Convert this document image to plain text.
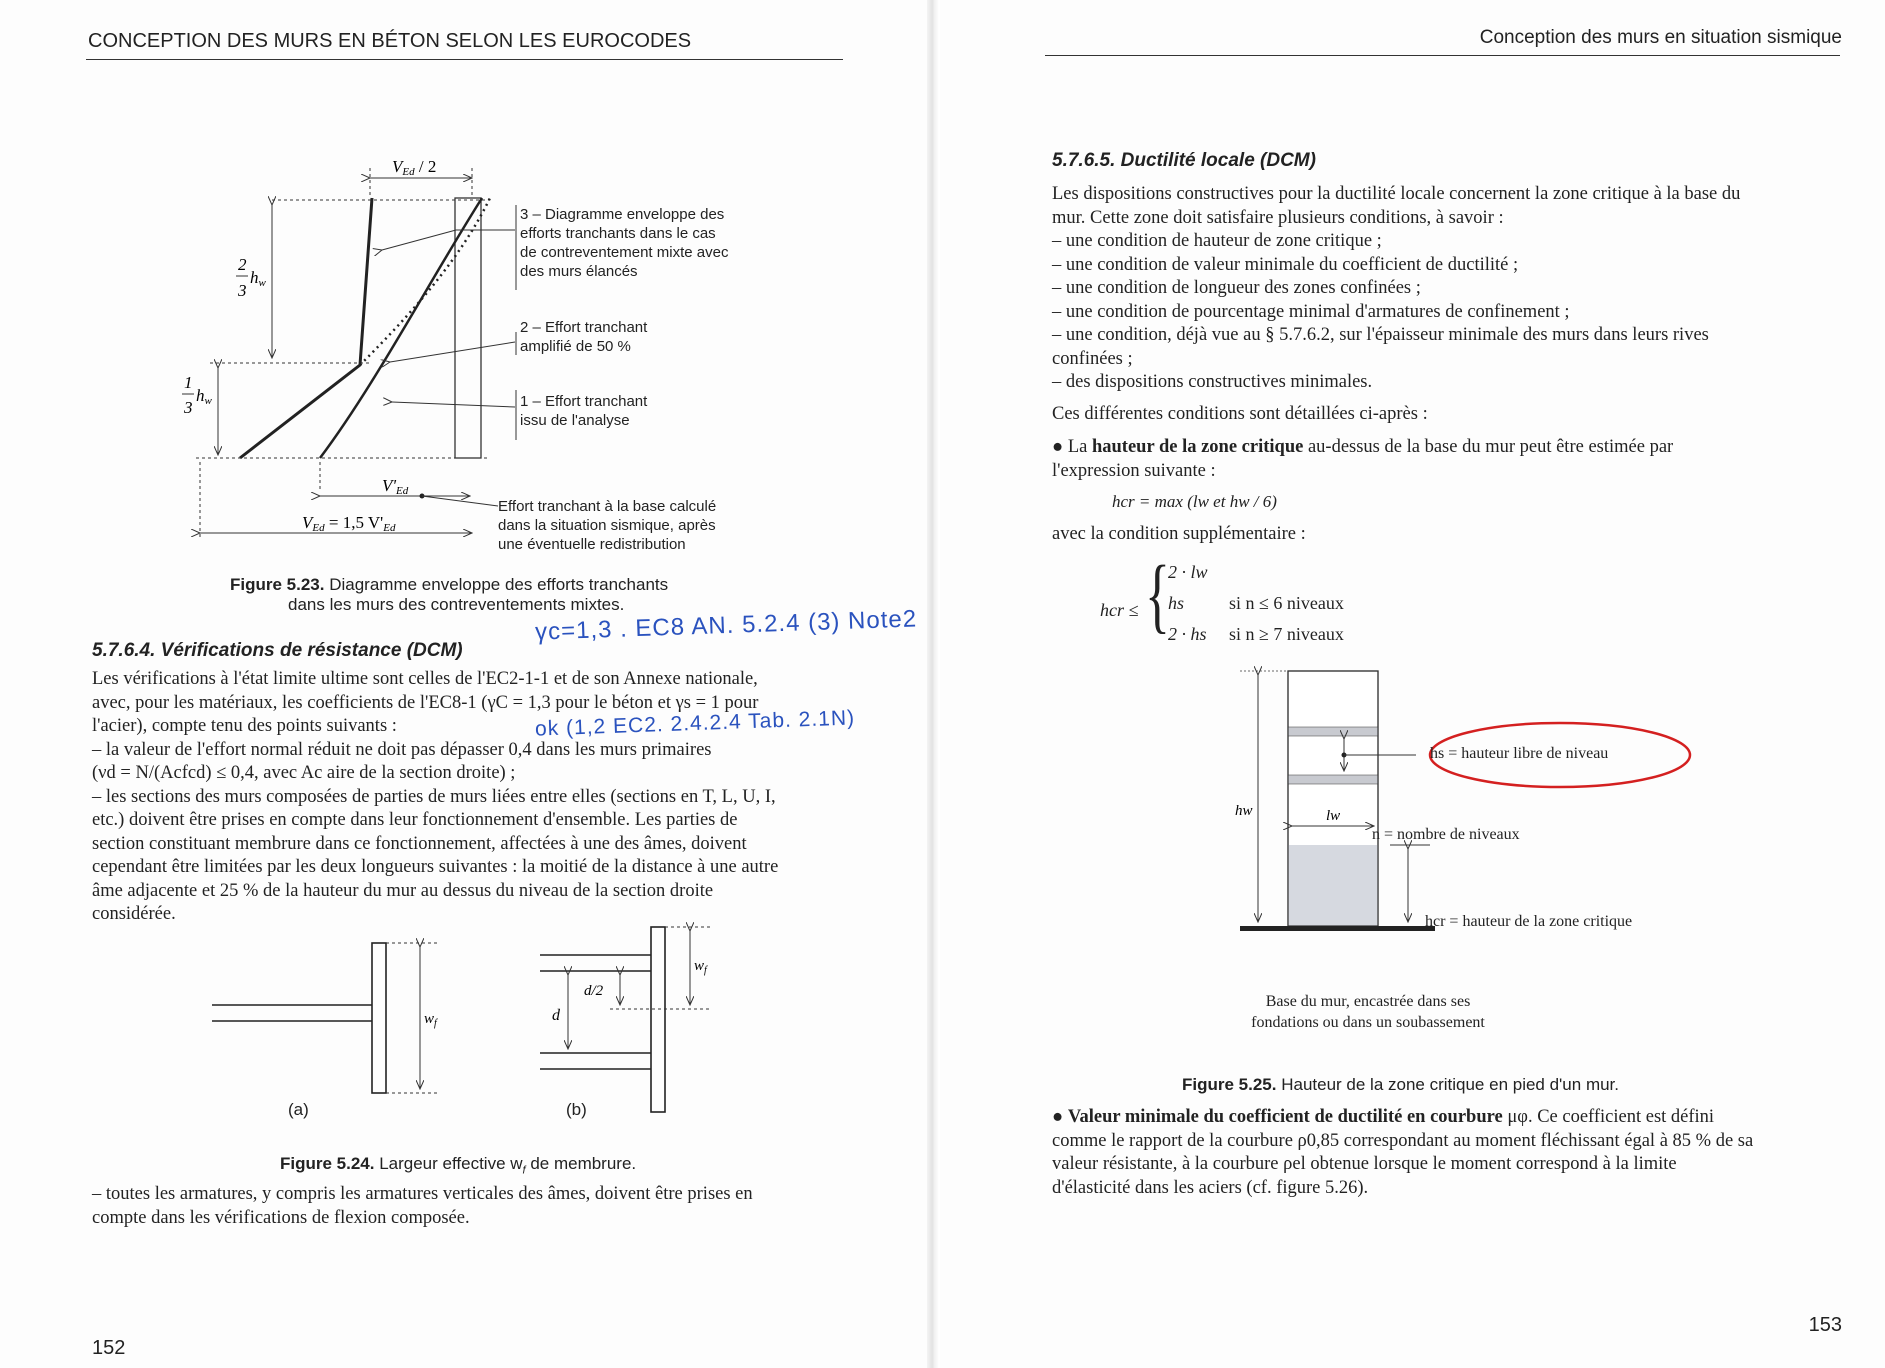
CONCEPTION DES MURS EN BÉTON SELON LES EUROCODES
VEd / 2
2
3
hw
1
3
hw
V'Ed
VEd = 1,5 V'Ed
3 – Diagramme enveloppe des
efforts tranchants dans le cas
de contreventement mixte avec
des murs élancés
2 – Effort tranchant
amplifié de 50 %
1 – Effort tranchant
issu de l'analyse
Effort tranchant à la base calculé
dans la situation sismique, après
une éventuelle redistribution
Figure 5.23. Diagramme enveloppe des efforts tranchants
dans les murs des contreventements mixtes.
5.7.6.4. Vérifications de résistance (DCM)
γc=1,3 . EC8 AN. 5.2.4 (3) Note2
ok (1,2 EC2. 2.4.2.4 Tab. 2.1N)
Les vérifications à l'état limite ultime sont celles de l'EC2-1-1 et de son Annexe nationale,
avec, pour les matériaux, les coefficients de l'EC8-1 (γC = 1,3 pour le béton et γs = 1 pour
l'acier), compte tenu des points suivants :
– la valeur de l'effort normal réduit ne doit pas dépasser 0,4 dans les murs primaires
(νd = N/(Acfcd) ≤ 0,4, avec Ac aire de la section droite) ;
– les sections des murs composées de parties de murs liées entre elles (sections en T, L, U, I,
etc.) doivent être prises en compte dans leur fonctionnement d'ensemble. Les parties de
section constituant membrure dans ce fonctionnement, affectées à une des âmes, doivent
cependant être limitées par les deux longueurs suivantes : la moitié de la distance à une autre
âme adjacente et 25 % de la hauteur du mur au dessus du niveau de la section droite
considérée.
$w_f$
$w_f$
d
d/2
(a)	(b)
Figure 5.24. Largeur effective $w_f$ de membrure.
– toutes les armatures, y compris les armatures verticales des âmes, doivent être prises en
compte dans les vérifications de flexion composée.
152
Conception des murs en situation sismique
5.7.6.5. Ductilité locale (DCM)
Les dispositions constructives pour la ductilité locale concernent la zone critique à la base du
mur. Cette zone doit satisfaire plusieurs conditions, à savoir :
– une condition de hauteur de zone critique ;
– une condition de valeur minimale du coefficient de ductilité ;
– une condition de longueur des zones confinées ;
– une condition de pourcentage minimal d'armatures de confinement ;
– une condition, déjà vue au § 5.7.6.2, sur l'épaisseur minimale des murs dans leurs rives
confinées ;
– des dispositions constructives minimales.
Ces différentes conditions sont détaillées ci-après :
● La hauteur de la zone critique au-dessus de la base du mur peut être estimée par
l'expression suivante :
hcr = max (lw et hw / 6)
avec la condition supplémentaire :
hcr ≤ {
2 · lw
hs si n ≤ 6 niveaux
2 · hs si n ≥ 7 niveaux
hw	lw
hs = hauteur libre de niveau
n = nombre de niveaux
hcr = hauteur de la zone critique
Base du mur, encastrée dans ses
fondations ou dans un soubassement
Figure 5.25. Hauteur de la zone critique en pied d'un mur.
● Valeur minimale du coefficient de ductilité en courbure μφ. Ce coefficient est défini
comme le rapport de la courbure ρ0,85 correspondant au moment fléchissant égal à 85 % de sa
valeur résistante, à la courbure ρel obtenue lorsque le moment correspond à la limite
d'élasticité dans les aciers (cf. figure 5.26).
153
